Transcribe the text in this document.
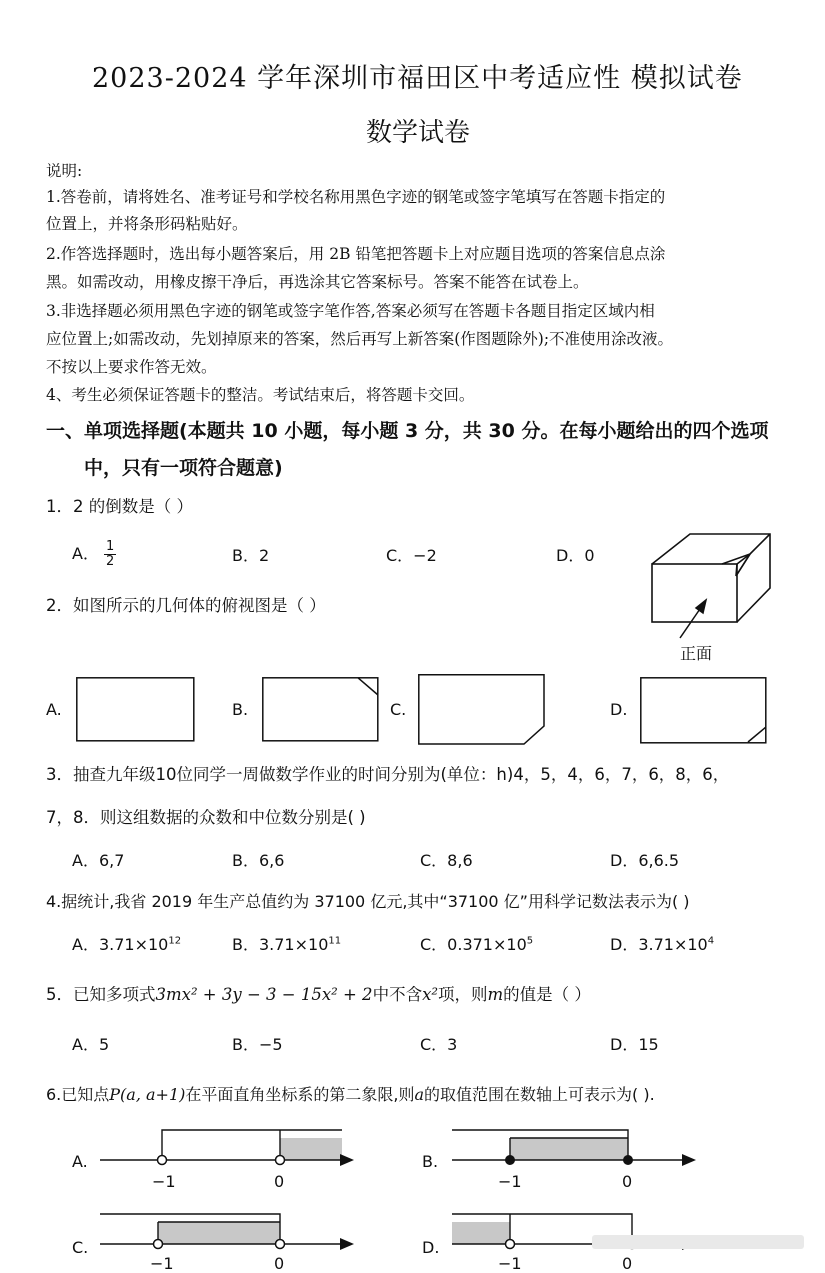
2023-2024 学年深圳市福田区中考适应性 模拟试卷
数学试卷
说明:
1.答卷前，请将姓名、准考证号和学校名称用黑色字迹的钢笔或签字笔填写在答题卡指定的
位置上，并将条形码粘贴好。
2.作答选择题时，选出每小题答案后，用 2B 铅笔把答题卡上对应题目选项的答案信息点涂
黑。如需改动，用橡皮擦干净后，再选涂其它答案标号。答案不能答在试卷上。
3.非选择题必须用黑色字迹的钢笔或签字笔作答,答案必须写在答题卡各题目指定区域内相
应位置上;如需改动，先划掉原来的答案，然后再写上新答案(作图题除外);不准使用涂改液。
不按以上要求作答无效。
4、考生必须保证答题卡的整洁。考试结束后，将答题卡交回。
一、单项选择题(本题共 10 小题，每小题 3 分，共 30 分。在每小题给出的四个选项
中，只有一项符合题意)
1．2 的倒数是（ ）
A． $\frac{1}{2}$	B．2	C．−2	D．0
2．如图所示的几何体的俯视图是（ ）
正面
A.	B.	C.	D.
3．抽查九年级10位同学一周做数学作业的时间分别为(单位：h)4，5，4，6，7，6，8，6，
7，8．则这组数据的众数和中位数分别是( )
A．6,7	B．6,6	C．8,6	D．6,6.5
4.据统计,我省 2019 年生产总值约为 37100 亿元,其中“37100 亿”用科学记数法表示为( )
A．$3.71\times 10^{12}$	B．$3.71\times 10^{11}$	C．$0.371\times 10^5$	D．$3.71\times 10^4$
5．已知多项式3mx² + 3y − 3 − 15x² + 2中不含x²项，则m的值是（ ）
A．5	B．−5	C．3	D．15
6.已知点P(a, a+1)在平面直角坐标系的第二象限,则a的取值范围在数轴上可表示为( ).
A.
−1	0
B.
−1	0
C.
−1	0
D.
−1	0
